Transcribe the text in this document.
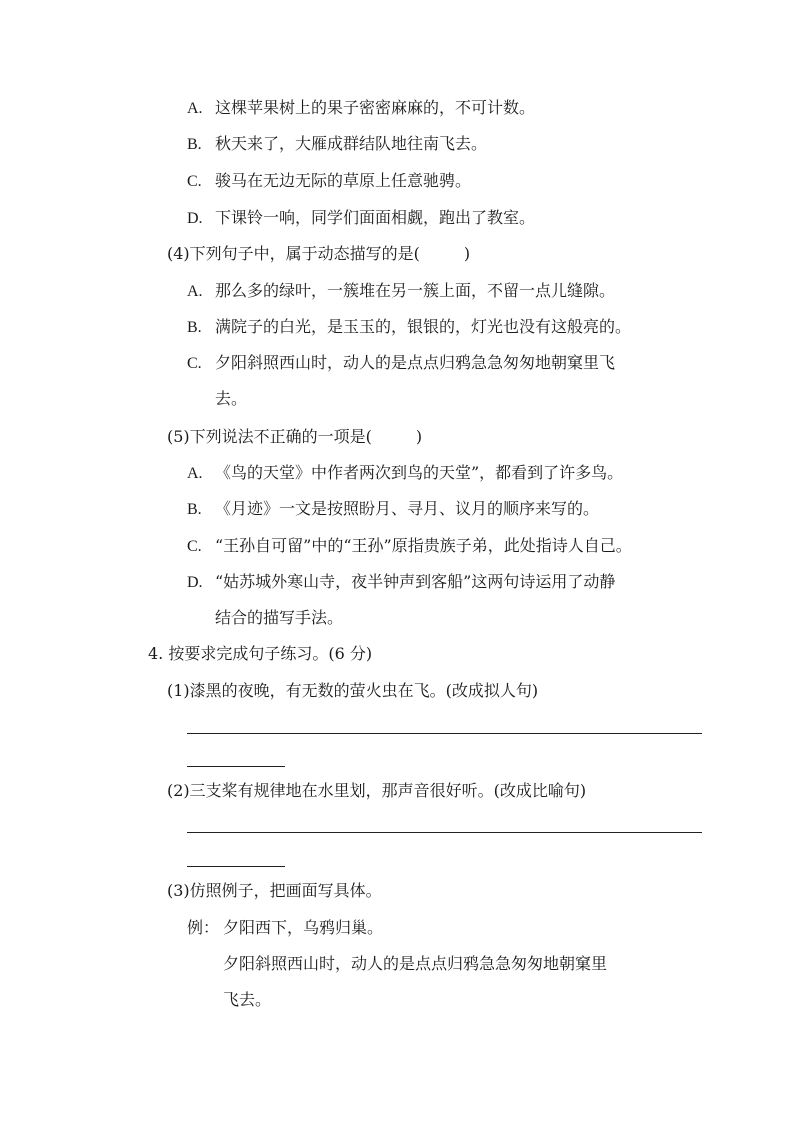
A. 这棵苹果树上的果子密密麻麻的，不可计数。
B. 秋天来了，大雁成群结队地往南飞去。
C. 骏马在无边无际的草原上任意驰骋。
D. 下课铃一响，同学们面面相觑，跑出了教室。
(4)下列句子中，属于动态描写的是(	)
A. 那么多的绿叶，一簇堆在另一簇上面，不留一点儿缝隙。
B. 满院子的白光，是玉玉的，银银的，灯光也没有这般亮的。
C. 夕阳斜照西山时，动人的是点点归鸦急急匆匆地朝窠里飞
去。
(5)下列说法不正确的一项是(	)
A. 《鸟的天堂》中作者两次到鸟的天堂”，都看到了许多鸟。
B. 《月迹》一文是按照盼月、寻月、议月的顺序来写的。
C. “王孙自可留”中的“王孙”原指贵族子弟，此处指诗人自己。
D. “姑苏城外寒山寺，夜半钟声到客船”这两句诗运用了动静
结合的描写手法。
4. 按要求完成句子练习。(6 分)
(1)漆黑的夜晚，有无数的萤火虫在飞。(改成拟人句)
(2)三支桨有规律地在水里划，那声音很好听。(改成比喻句)
(3)仿照例子，把画面写具体。
例： 夕阳西下，乌鸦归巢。
夕阳斜照西山时，动人的是点点归鸦急急匆匆地朝窠里
飞去。
